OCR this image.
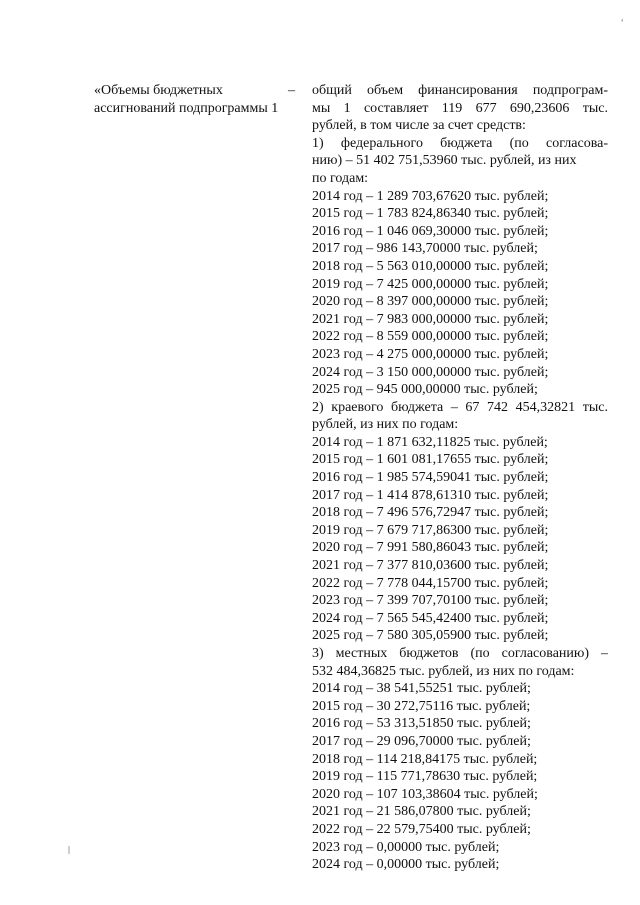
‘
«Объемы бюджетных
ассигнований подпрограммы 1
– общий объем финансирования подпрограм-
мы 1 составляет 119 677 690,23606 тыс.
рублей, в том числе за счет средств:
1) федерального бюджета (по согласова-
нию) – 51 402 751,53960 тыс. рублей, из них
по годам:
2014 год – 1 289 703,67620 тыс. рублей;
2015 год – 1 783 824,86340 тыс. рублей;
2016 год – 1 046 069,30000 тыс. рублей;
2017 год – 986 143,70000 тыс. рублей;
2018 год – 5 563 010,00000 тыс. рублей;
2019 год – 7 425 000,00000 тыс. рублей;
2020 год – 8 397 000,00000 тыс. рублей;
2021 год – 7 983 000,00000 тыс. рублей;
2022 год – 8 559 000,00000 тыс. рублей;
2023 год – 4 275 000,00000 тыс. рублей;
2024 год – 3 150 000,00000 тыс. рублей;
2025 год – 945 000,00000 тыс. рублей;
2) краевого бюджета – 67 742 454,32821 тыс.
рублей, из них по годам:
2014 год – 1 871 632,11825 тыс. рублей;
2015 год – 1 601 081,17655 тыс. рублей;
2016 год – 1 985 574,59041 тыс. рублей;
2017 год – 1 414 878,61310 тыс. рублей;
2018 год – 7 496 576,72947 тыс. рублей;
2019 год – 7 679 717,86300 тыс. рублей;
2020 год – 7 991 580,86043 тыс. рублей;
2021 год – 7 377 810,03600 тыс. рублей;
2022 год – 7 778 044,15700 тыс. рублей;
2023 год – 7 399 707,70100 тыс. рублей;
2024 год – 7 565 545,42400 тыс. рублей;
2025 год – 7 580 305,05900 тыс. рублей;
3) местных бюджетов (по согласованию) –
532 484,36825 тыс. рублей, из них по годам:
2014 год – 38 541,55251 тыс. рублей;
2015 год – 30 272,75116 тыс. рублей;
2016 год – 53 313,51850 тыс. рублей;
2017 год – 29 096,70000 тыс. рублей;
2018 год – 114 218,84175 тыс. рублей;
2019 год – 115 771,78630 тыс. рублей;
2020 год – 107 103,38604 тыс. рублей;
2021 год – 21 586,07800 тыс. рублей;
2022 год – 22 579,75400 тыс. рублей;
2023 год – 0,00000 тыс. рублей;
2024 год – 0,00000 тыс. рублей;
